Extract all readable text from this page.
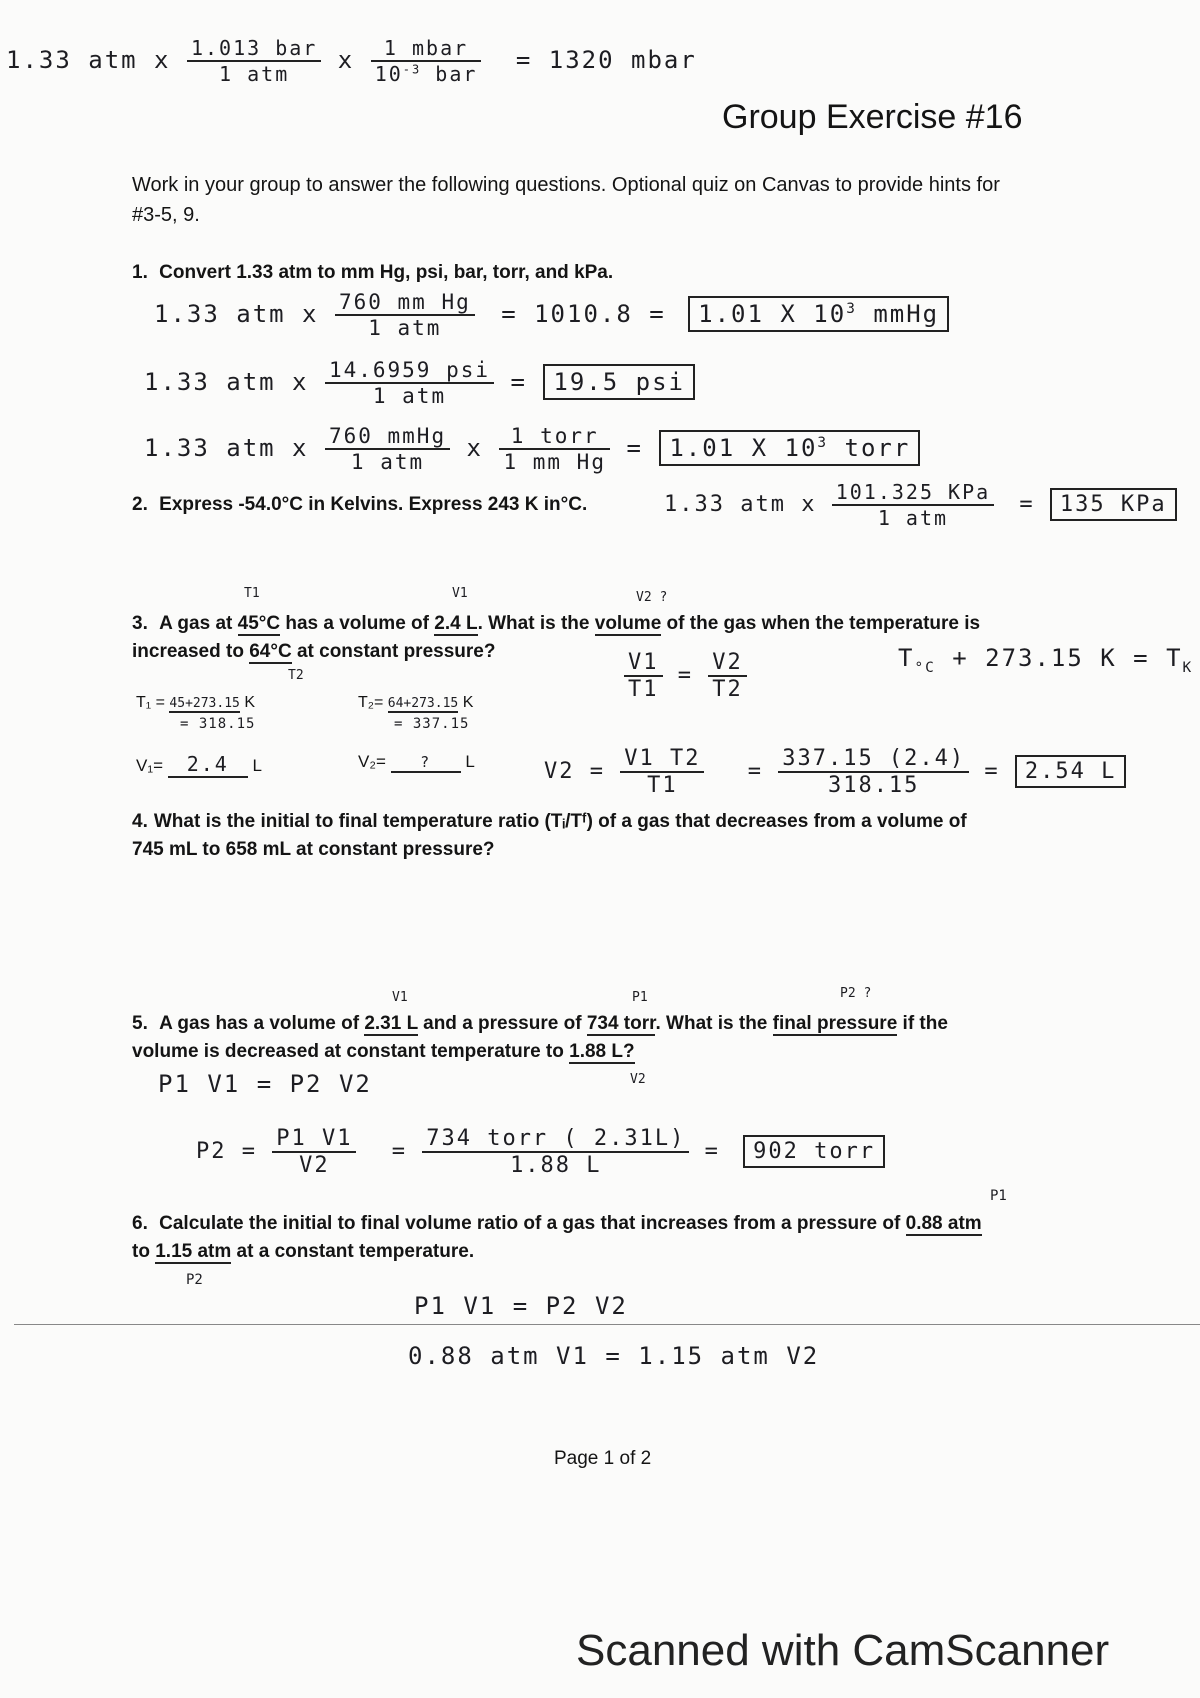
1.33 atm x $\frac{\text{1.013 bar}}{\text{1 atm}}$ x $\frac{\text{1 mbar}}{10^{-3} bar} = 1320$ mbar
Group Exercise #16
Work in your group to answer the following questions. Optional quiz on Canvas to provide hints for #3-5, 9.
1. Convert 1.33 atm to mm Hg, psi, bar, torr, and kPa.
1.33 atm x $\frac{\text{760 mm Hg}}{\text{1 atm}} = 1010.8 = 1.01$ X $10^3$ mmHg
1.33 atm x $\frac{\text{14.6959 psi}}{\text{1 atm}} = 19.5$ psi
1.33 atm x $\frac{\text{760 mmHg}}{\text{1 atm}}$ x $\frac{\text{1 torr}}{\text{1 mm Hg}} = 1.01$ X $10^3$ torr
2. Express -54.0°C in Kelvins. Express 243 K in°C.	1.33 atm x $\frac{\text{101.325 KPa}}{\text{1 atm}} = 135$ KPa
T1	V1	V2 ?
T2
3. A gas at 45°C has a volume of 2.4 L. What is the volume of the gas when the temperature is
increased to 64°C at constant pressure?	$\frac{V1}{T1} = \frac{V2}{T2}$	$T_{^\circ C} + 273.15$ $K = T_K$
T₁ = 45+273.15 K
= 318.15
T₂= 64+273.15 K
= 337.15
V₁= 2.4 L	V₂= ? L	$V2 = \frac{V1 T2}{T1} = \frac{337.15 (2.4)}{318.15} = 2.54$ L
4. What is the initial to final temperature ratio (Tᵢ/Tᶠ) of a gas that decreases from a volume of
745 mL to 658 mL at constant pressure?
V1	P1	P2 ?
5. A gas has a volume of 2.31 L and a pressure of 734 torr. What is the final pressure if the
volume is decreased at constant temperature to 1.88 L?
V2
P1 V1 = P2 V2
$P2 = \frac{P1 V1}{V2} = \frac{\text{734 torr ( 2.31L)}}{1.88 L} = 902$ torr
P1
6. Calculate the initial to final volume ratio of a gas that increases from a pressure of 0.88 atm
to 1.15 atm at a constant temperature.
P2
P1 V1 = P2 V2
0.88 atm V1 = 1.15 atm V2
Page 1 of 2
Scanned with CamScanner
